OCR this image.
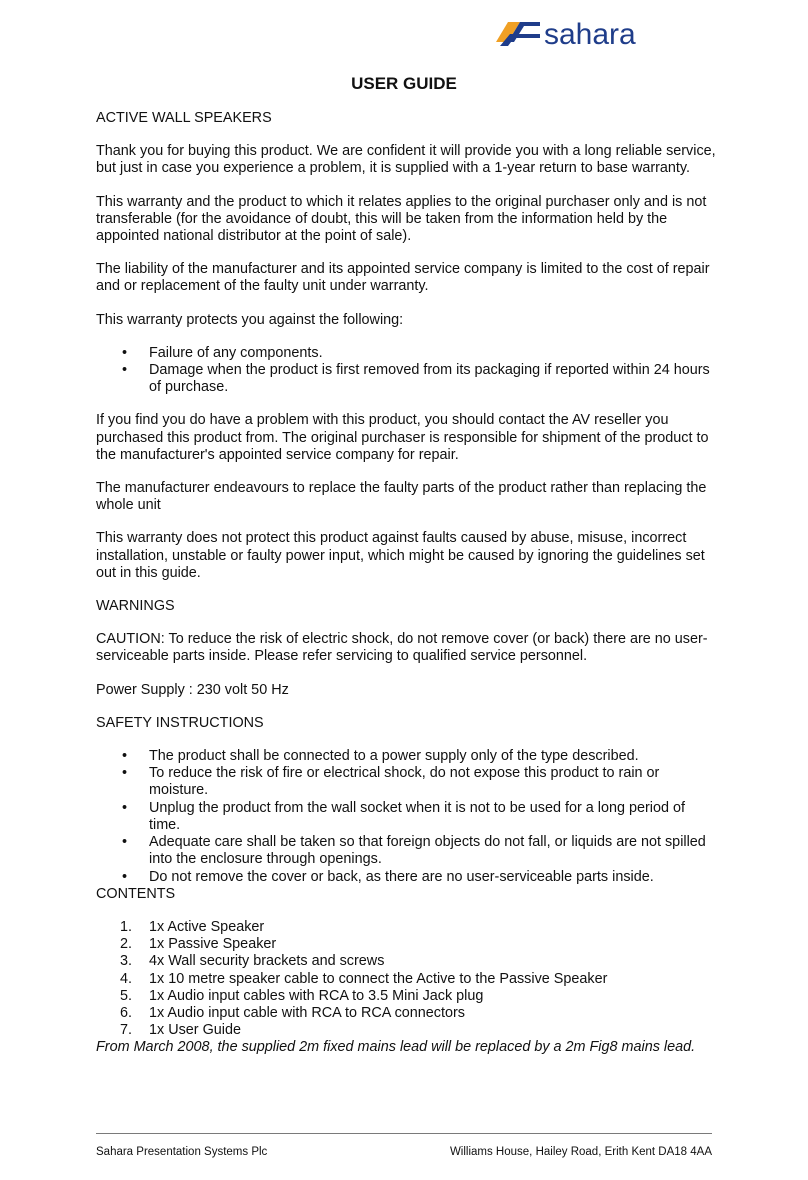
sahara
USER GUIDE

ACTIVE WALL SPEAKERS

Thank you for buying this product. We are confident it will provide you with a long reliable service, but just in case you experience a problem, it is supplied with a 1-year return to base warranty.

This warranty and the product to which it relates applies to the original purchaser only and is not transferable (for the avoidance of doubt, this will be taken from the information held by the appointed national distributor at the point of sale).

The liability of the manufacturer and its appointed service company is limited to the cost of repair and or replacement of the faulty unit under warranty.

This warranty protects you against the following:

• Failure of any components.
• Damage when the product is first removed from its packaging if reported within 24 hours of purchase.

If you find you do have a problem with this product, you should contact the AV reseller you purchased this product from. The original purchaser is responsible for shipment of the product to the manufacturer's appointed service company for repair.

The manufacturer endeavours to replace the faulty parts of the product rather than replacing the whole unit

This warranty does not protect this product against faults caused by abuse, misuse, incorrect installation, unstable or faulty power input, which might be caused by ignoring the guidelines set out in this guide.

WARNINGS

CAUTION: To reduce the risk of electric shock, do not remove cover (or back) there are no user-serviceable parts inside. Please refer servicing to qualified service personnel.

Power Supply : 230 volt 50 Hz

SAFETY INSTRUCTIONS

• The product shall be connected to a power supply only of the type described.
• To reduce the risk of fire or electrical shock, do not expose this product to rain or moisture.
• Unplug the product from the wall socket when it is not to be used for a long period of time.
• Adequate care shall be taken so that foreign objects do not fall, or liquids are not spilled into the enclosure through openings.
• Do not remove the cover or back, as there are no user-serviceable parts inside.

CONTENTS

1. 1x Active Speaker
2. 1x Passive Speaker
3. 4x Wall security brackets and screws
4. 1x 10 metre speaker cable to connect the Active to the Passive Speaker
5. 1x Audio input cables with RCA to 3.5 Mini Jack plug
6. 1x Audio input cable with RCA to RCA connectors
7. 1x User Guide

From March 2008, the supplied 2m fixed mains lead will be replaced by a 2m Fig8 mains lead.

Sahara Presentation Systems Plc	Williams House, Hailey Road, Erith Kent DA18 4AA
